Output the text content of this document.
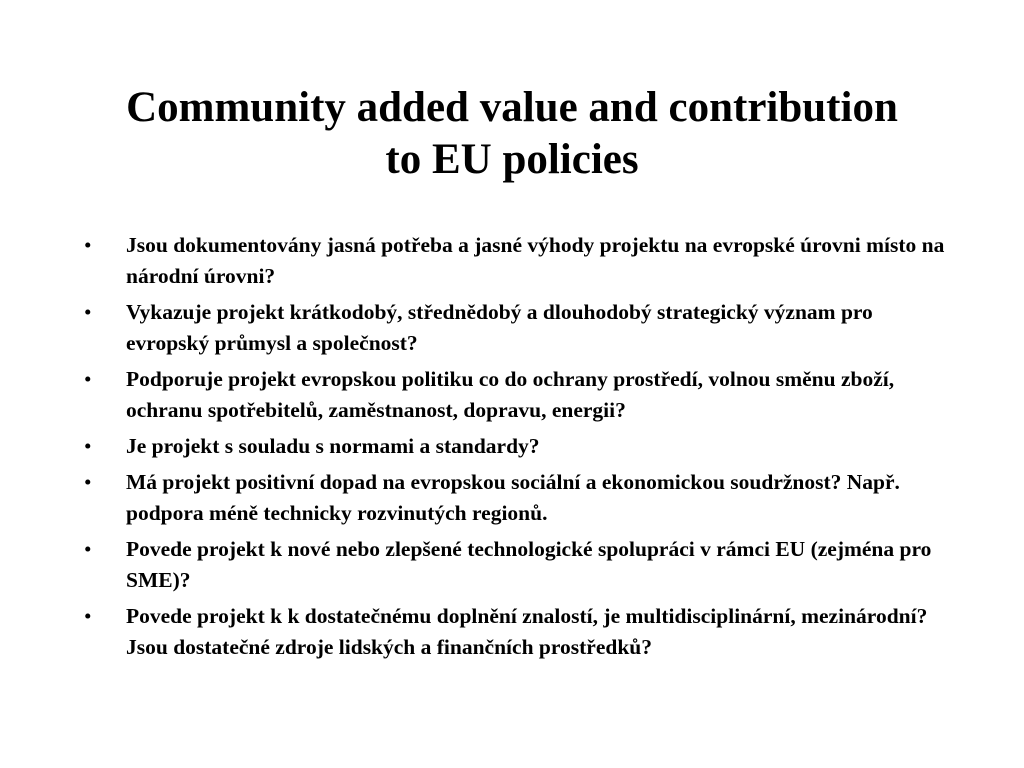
Community added value and contribution
to EU policies
• Jsou dokumentovány jasná potřeba a jasné výhody projektu na evropské úrovni místo na národní úrovni?
• Vykazuje projekt krátkodobý, střednědobý a dlouhodobý strategický význam pro evropský průmysl a společnost?
• Podporuje projekt evropskou politiku co do ochrany prostředí, volnou směnu zboží, ochranu spotřebitelů, zaměstnanost, dopravu, energii?
• Je projekt s souladu s normami a standardy?
• Má projekt positivní dopad na evropskou sociální a ekonomickou soudržnost? Např. podpora méně technicky rozvinutých regionů.
• Povede projekt k nové nebo zlepšené technologické spolupráci v rámci EU (zejména pro SME)?
• Povede projekt k k dostatečnému doplnění znalostí, je multidisciplinární, mezinárodní? Jsou dostatečné zdroje lidských a finančních prostředků?
